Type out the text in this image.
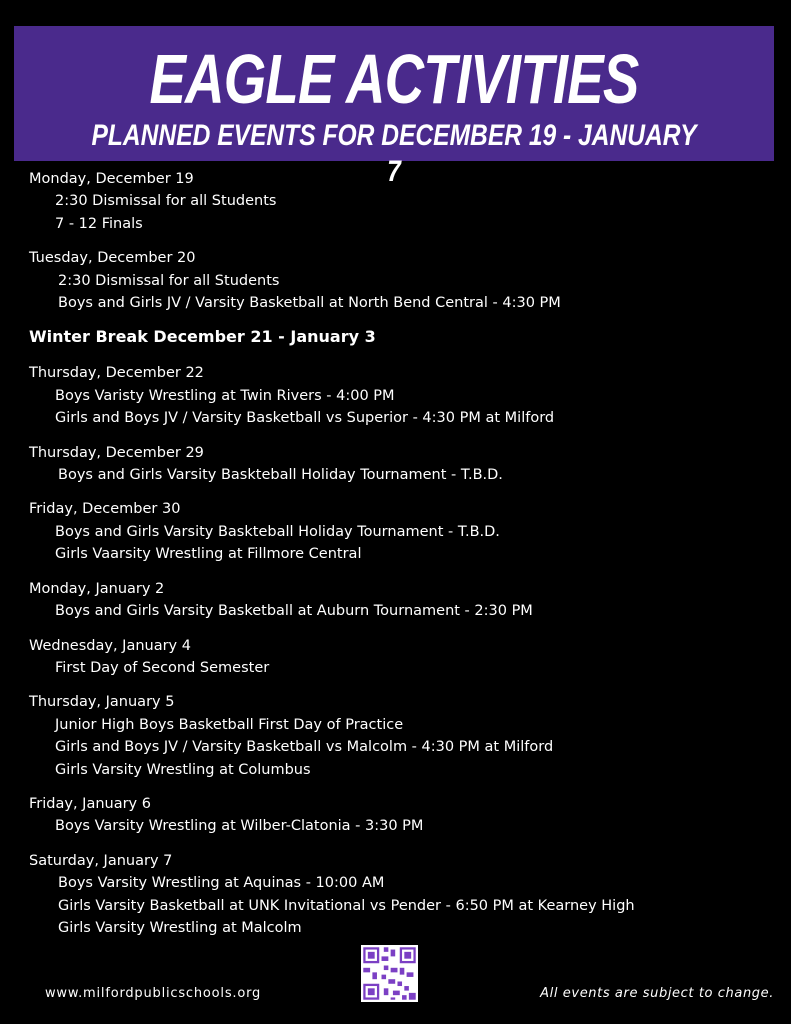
EAGLE ACTIVITIES
PLANNED EVENTS FOR DECEMBER 19 - JANUARY 7
Monday, December 19
2:30 Dismissal for all Students
7 - 12 Finals
Tuesday, December 20
2:30 Dismissal for all Students
Boys and Girls JV / Varsity Basketball at North Bend Central - 4:30 PM
Winter Break December 21 - January 3
Thursday, December 22
Boys Varisty Wrestling at Twin Rivers - 4:00 PM
Girls and Boys JV / Varsity Basketball vs Superior - 4:30 PM at Milford
Thursday, December 29
Boys and Girls Varsity Baskteball Holiday Tournament - T.B.D.
Friday, December 30
Boys and Girls Varsity Baskteball Holiday Tournament - T.B.D.
Girls Vaarsity Wrestling at Fillmore Central
Monday, January 2
Boys and Girls Varsity Basketball at Auburn Tournament - 2:30 PM
Wednesday, January 4
First Day of Second Semester
Thursday, January 5
Junior High Boys Basketball First Day of Practice
Girls and Boys JV / Varsity Basketball vs Malcolm - 4:30 PM at Milford
Girls Varsity Wrestling at Columbus
Friday, January 6
Boys Varsity Wrestling at Wilber-Clatonia - 3:30 PM
Saturday, January 7
Boys Varsity Wrestling at Aquinas - 10:00 AM
Girls Varsity Basketball at UNK Invitational vs Pender - 6:50 PM at Kearney High
Girls Varsity Wrestling at Malcolm
www.milfordpublicschools.org	All events are subject to change.
